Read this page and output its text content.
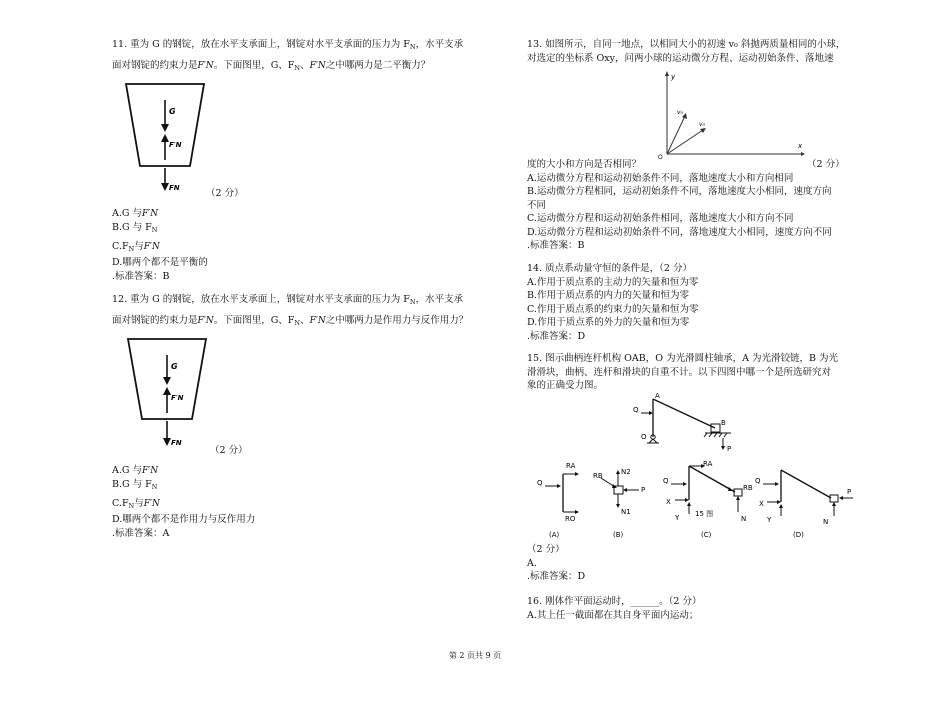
11. 重为 G 的钢锭，放在水平支承面上，钢锭对水平支承面的压力为 $F_N$，水平支承
面对钢锭的约束力是F′N。下面图里，G、$F_N$、F′N之中哪两力是二平衡力？
G
F′N
FN	（2 分）
A.G 与F′N
B.G 与 $F_N$
$C.F_N$与F′N
D.哪两个都不是平衡的
.标准答案：B
12. 重为 G 的钢锭，放在水平支承面上，钢锭对水平支承面的压力为 $F_N$，水平支承
面对钢锭的约束力是F′N。下面图里，G、$F_N$、F′N之中哪两力是作用力与反作用力？
G
F′N
FN
（2 分）
A.G 与F′N
B.G 与 $F_N$
$C.F_N$与F′N
D.哪两个都不是作用力与反作用力
.标准答案：A
13. 如图所示，自同一地点，以相同大小的初速 v₀ 斜抛两质量相同的小球，
对选定的坐标系 Oxy，问两小球的运动微分方程、运动初始条件、落地速
y
x
O
v₀
v₀
度的大小和方向是否相同？	（2 分）
A.运动微分方程和运动初始条件不同，落地速度大小和方向相同
B.运动微分方程相同，运动初始条件不同，落地速度大小相同，速度方向
不同
C.运动微分方程和运动初始条件相同，落地速度大小和方向不同
D.运动微分方程和运动初始条件不同，落地速度大小相同，速度方向不同
.标准答案：B
14. 质点系动量守恒的条件是，（2 分）
A.作用于质点系的主动力的矢量和恒为零
B.作用于质点系的内力的矢量和恒为零
C.作用于质点系的约束力的矢量和恒为零
D.作用于质点系的外力的矢量和恒为零
.标准答案：D
15. 图示曲柄连杆机构 OAB，O 为光滑圆柱轴承，A 为光滑铰链，B 为光
滑滑块，曲柄、连杆和滑块的自重不计。以下四图中哪一个是所选研究对
象的正确受力图。
A
B
Q
O
P
RA
RO
Q
(A)
RB	N2
N1
P
(B)
RA
RB
Q
X
Y	N
15 图
(C)
Q
X
Y	N
P
(D)
（2 分）
A.
.标准答案：D
16. 刚体作平面运动时，______。（2 分）
A.其上任一截面都在其自身平面内运动；
第 2 页共 9 页
